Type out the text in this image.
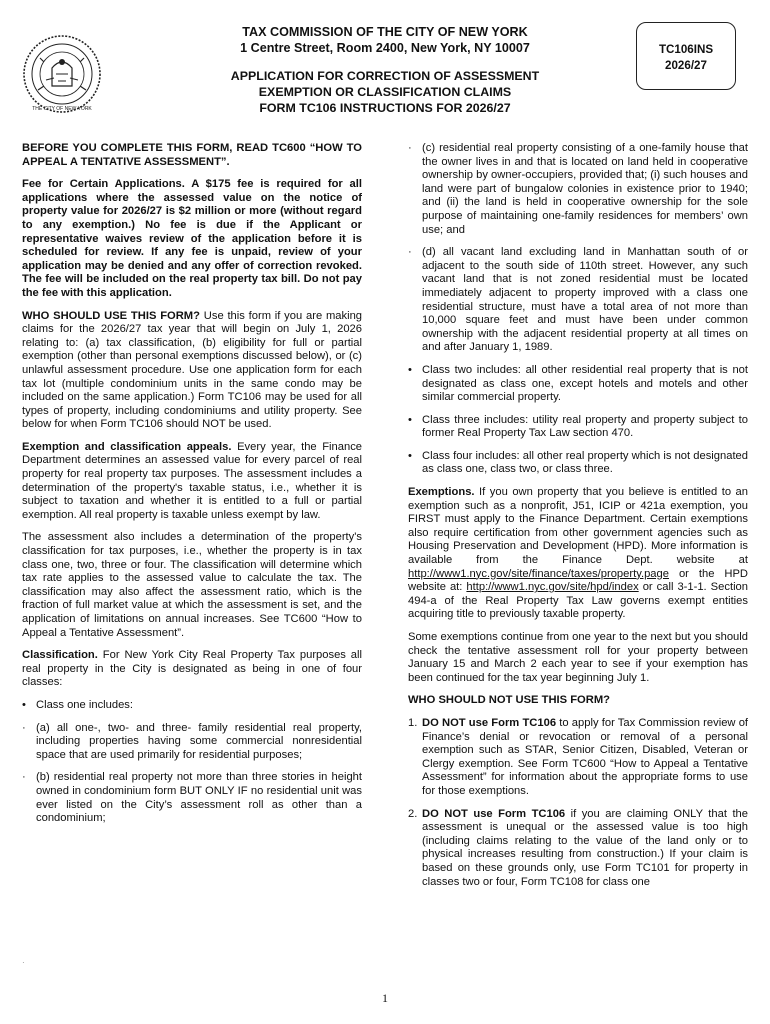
THE CITY OF NEW YORK
TAX COMMISSION OF THE CITY OF NEW YORK
1 Centre Street, Room 2400, New York, NY 10007
APPLICATION FOR CORRECTION OF ASSESSMENT
EXEMPTION OR CLASSIFICATION CLAIMS
FORM TC106 INSTRUCTIONS FOR 2026/27
TC106INS
2026/27

BEFORE YOU COMPLETE THIS FORM, READ TC600 “HOW TO APPEAL A TENTATIVE ASSESSMENT”.

Fee for Certain Applications. A $175 fee is required for all applications where the assessed value on the notice of property value for 2026/27 is $2 million or more (without regard to any exemption.) No fee is due if the Applicant or representative waives review of the application before it is scheduled for review. If any fee is unpaid, review of your application may be denied and any offer of correction revoked. The fee will be included on the real property tax bill. Do not pay the fee with this application.

WHO SHOULD USE THIS FORM? Use this form if you are making claims for the 2026/27 tax year that will begin on July 1, 2026 relating to: (a) tax classification, (b) eligibility for full or partial exemption (other than personal exemptions discussed below), or (c) unlawful assessment procedure. Use one application form for each tax lot (multiple condominium units in the same condo may be included on the same application.) Form TC106 may be used for all types of property, including condominiums and utility property. See below for when Form TC106 should NOT be used.

Exemption and classification appeals. Every year, the Finance Department determines an assessed value for every parcel of real property for real property tax purposes. The assessment includes a determination of the property's taxable status, i.e., whether it is subject to taxation and whether it is entitled to a full or partial exemption. All real property is taxable unless exempt by law.

The assessment also includes a determination of the property's classification for tax purposes, i.e., whether the property is in tax class one, two, three or four. The classification will determine which tax rate applies to the assessed value to calculate the tax. The classification may also affect the assessment ratio, which is the fraction of full market value at which the assessment is set, and the application of limitations on annual increases. See TC600 “How to Appeal a Tentative Assessment”.

Classification. For New York City Real Property Tax purposes all real property in the City is designated as being in one of four classes:

• Class one includes:
· (a) all one-, two- and three- family residential real property, including properties having some commercial nonresidential space that are used primarily for residential purposes;
· (b) residential real property not more than three stories in height owned in condominium form BUT ONLY IF no residential unit was ever listed on the City’s assessment roll as other than a condominium;
·
· (c) residential real property consisting of a one-family house that the owner lives in and that is located on land held in cooperative ownership by owner-occupiers, provided that; (i) such houses and land were part of bungalow colonies in existence prior to 1940; and (ii) the land is held in cooperative ownership for the sole purpose of maintaining one-family residences for members’ own use; and
· (d) all vacant land excluding land in Manhattan south of or adjacent to the south side of 110th street. However, any such vacant land that is not zoned residential must be located immediately adjacent to property improved with a class one residential structure, must have a total area of not more than 10,000 square feet and must have been under common ownership with the adjacent residential property at all times on and after January 1, 1989.
• Class two includes: all other residential real property that is not designated as class one, except hotels and motels and other similar commercial property.
• Class three includes: utility real property and property subject to former Real Property Tax Law section 470.
• Class four includes: all other real property which is not designated as class one, class two, or class three.

Exemptions. If you own property that you believe is entitled to an exemption such as a nonprofit, J51, ICIP or 421a exemption, you FIRST must apply to the Finance Department. Certain exemptions also require certification from other government agencies such as Housing Preservation and Development (HPD). More information is available from the Finance Dept. website at http://www1.nyc.gov/site/finance/taxes/property.page or the HPD website at: http://www1.nyc.gov/site/hpd/index or call 3-1-1. Section 494-a of the Real Property Tax Law governs exempt entities acquiring title to previously taxable property.

Some exemptions continue from one year to the next but you should check the tentative assessment roll for your property between January 15 and March 2 each year to see if your exemption has been continued for the tax year beginning July 1.

WHO SHOULD NOT USE THIS FORM?

1. DO NOT use Form TC106 to apply for Tax Commission review of Finance’s denial or revocation or removal of a personal exemption such as STAR, Senior Citizen, Disabled, Veteran or Clergy exemption. See Form TC600 “How to Appeal a Tentative Assessment” for information about the appropriate forms to use for those exemptions.
2. DO NOT use Form TC106 if you are claiming ONLY that the assessment is unequal or the assessed value is too high (including claims relating to the value of the land only or to physical increases resulting from construction.) If your claim is based on these grounds only, use Form TC101 for property in classes two or four, Form TC108 for class one
1
